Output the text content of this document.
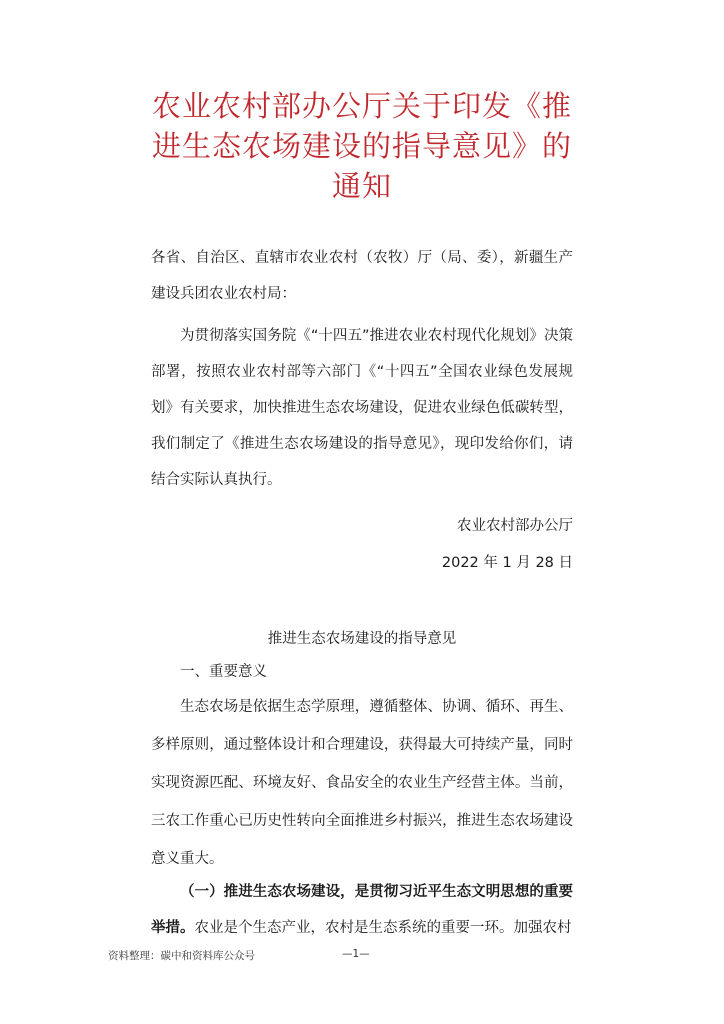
农业农村部办公厅关于印发《推
进生态农场建设的指导意见》的
通知
各省、自治区、直辖市农业农村（农牧）厅（局、委），新疆生产建设兵团农业农村局：
为贯彻落实国务院《“十四五”推进农业农村现代化规划》决策部署，按照农业农村部等六部门《“十四五”全国农业绿色发展规划》有关要求，加快推进生态农场建设，促进农业绿色低碳转型，我们制定了《推进生态农场建设的指导意见》，现印发给你们，请结合实际认真执行。
农业农村部办公厅
2022 年 1 月 28 日
推进生态农场建设的指导意见
一、重要意义
生态农场是依据生态学原理，遵循整体、协调、循环、再生、多样原则，通过整体设计和合理建设，获得最大可持续产量，同时实现资源匹配、环境友好、食品安全的农业生产经营主体。当前，三农工作重心已历史性转向全面推进乡村振兴，推进生态农场建设意义重大。
（一）推进生态农场建设，是贯彻习近平生态文明思想的重要举措。农业是个生态产业，农村是生态系统的重要一环。加强农村
资料整理：碳中和资料库公众号	—1—
